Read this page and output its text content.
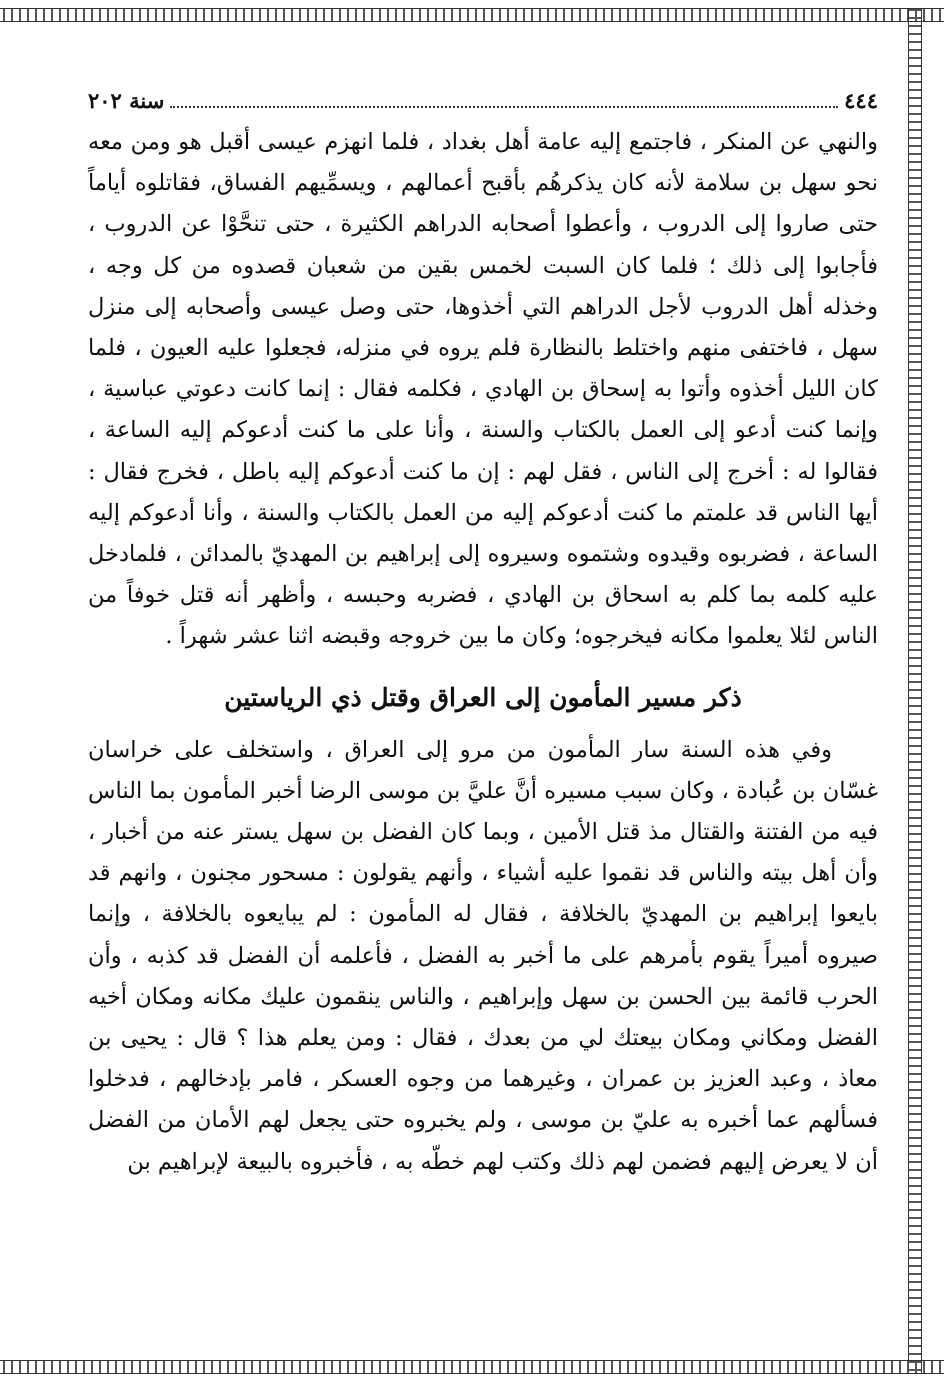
٤٤٤
سنة ٢٠٢

والنهي عن المنكر ، فاجتمع إليه عامة أهل بغداد ، فلما انهزم عيسى أقبل هو ومن معه نحو سهل بن سلامة لأنه كان يذكرهُم بأقبح أعمالهم ، ويسمِّيهم الفساق، فقاتلوه أياماً حتى صاروا إلى الدروب ، وأعطوا أصحابه الدراهم الكثيرة ، حتى تنحَّوْا عن الدروب ، فأجابوا إلى ذلك ؛ فلما كان السبت لخمس بقين من شعبان قصدوه من كل وجه ، وخذله أهل الدروب لأجل الدراهم التي أخذوها، حتى وصل عيسى وأصحابه إلى منزل سهل ، فاختفى منهم واختلط بالنظارة فلم يروه في منزله، فجعلوا عليه العيون ، فلما كان الليل أخذوه وأتوا به إسحاق بن الهادي ، فكلمه فقال : إنما كانت دعوتي عباسية ، وإنما كنت أدعو إلى العمل بالكتاب والسنة ، وأنا على ما كنت أدعوكم إليه الساعة ، فقالوا له : أخرج إلى الناس ، فقل لهم : إن ما كنت أدعوكم إليه باطل ، فخرج فقال : أيها الناس قد علمتم ما كنت أدعوكم إليه من العمل بالكتاب والسنة ، وأنا أدعوكم إليه الساعة ، فضربوه وقيدوه وشتموه وسيروه إلى إبراهيم بن المهديّ بالمدائن ، فلمادخل عليه كلمه بما كلم به اسحاق بن الهادي ، فضربه وحبسه ، وأظهر أنه قتل خوفاً من الناس لئلا يعلموا مكانه فيخرجوه؛ وكان ما بين خروجه وقبضه اثنا عشر شهراً .

ذكر مسير المأمون إلى العراق وقتل ذي الرياستين

وفي هذه السنة سار المأمون من مرو إلى العراق ، واستخلف على خراسان غسّان بن عُبادة ، وكان سبب مسيره أنَّ عليَّ بن موسى الرضا أخبر المأمون بما الناس فيه من الفتنة والقتال مذ قتل الأمين ، وبما كان الفضل بن سهل يستر عنه من أخبار ، وأن أهل بيته والناس قد نقموا عليه أشياء ، وأنهم يقولون : مسحور مجنون ، وانهم قد بايعوا إبراهيم بن المهديّ بالخلافة ، فقال له المأمون : لم يبايعوه بالخلافة ، وإنما صيروه أميراً يقوم بأمرهم على ما أخبر به الفضل ، فأعلمه أن الفضل قد كذبه ، وأن الحرب قائمة بين الحسن بن سهل وإبراهيم ، والناس ينقمون عليك مكانه ومكان أخيه الفضل ومكاني ومكان بيعتك لي من بعدك ، فقال : ومن يعلم هذا ؟ قال : يحيى بن معاذ ، وعبد العزيز بن عمران ، وغيرهما من وجوه العسكر ، فامر بإدخالهم ، فدخلوا فسألهم عما أخبره به عليّ بن موسى ، ولم يخبروه حتى يجعل لهم الأمان من الفضل أن لا يعرض إليهم فضمن لهم ذلك وكتب لهم خطّه به ، فأخبروه بالبيعة لإبراهيم بن
